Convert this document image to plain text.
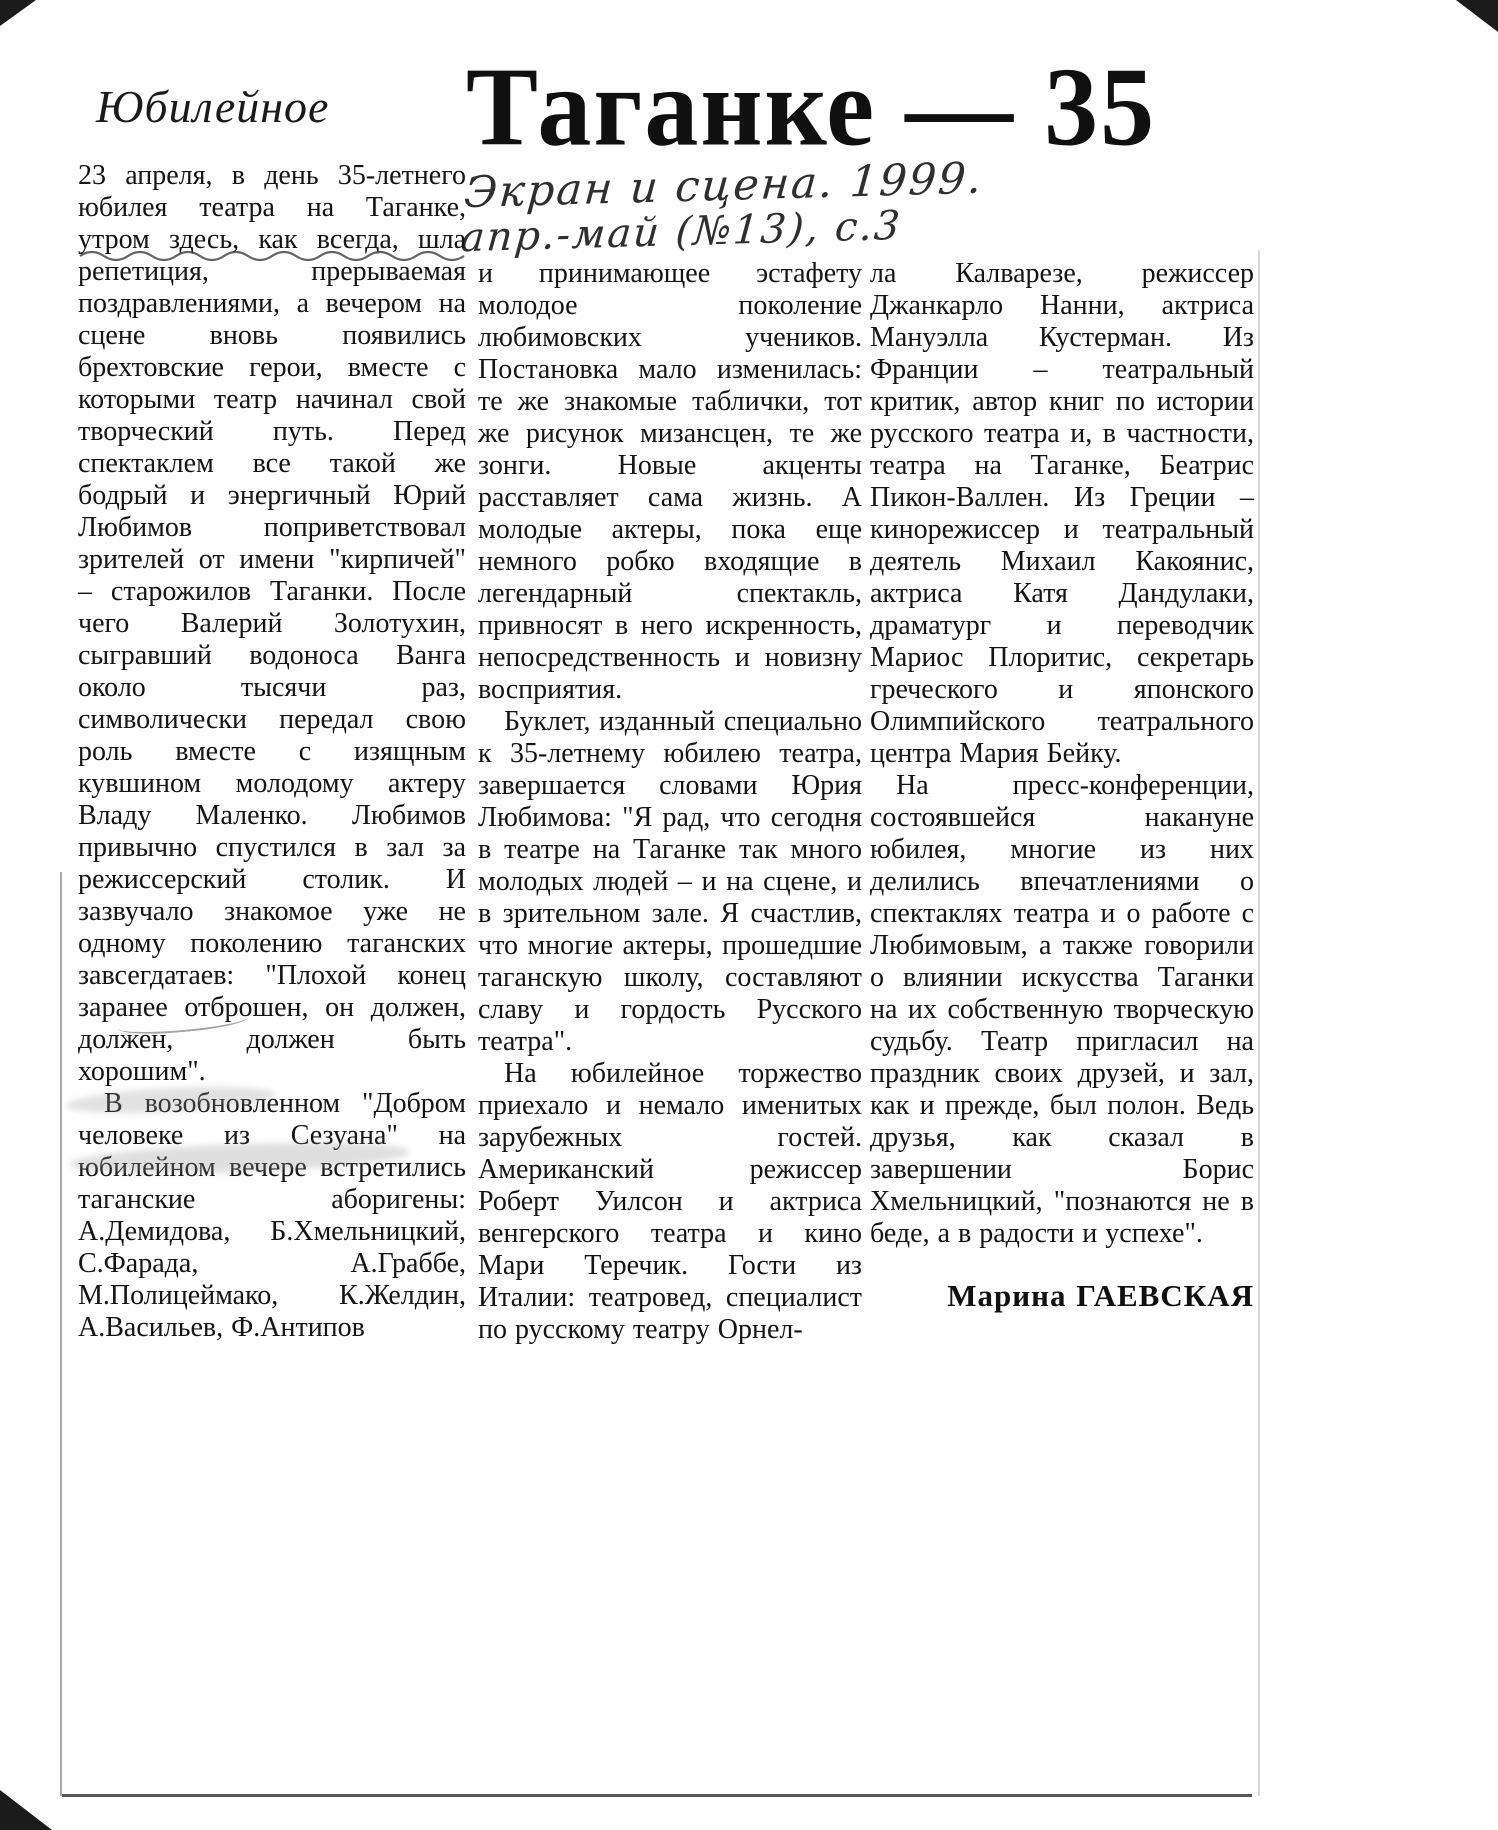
Юбилейное Таганке — 35
Экран и сцена. 1999.
апр.-май (№13), с.3

23 апреля, в день 35-летнего юбилея театра на Таганке, утром здесь, как всегда, шла репетиция, прерываемая поздравлениями, а вечером на сцене вновь появились брехтовские герои, вместе с которыми театр начинал свой творческий путь. Перед спектаклем все такой же бодрый и энергичный Юрий Любимов поприветствовал зрителей от имени "кирпичей" – старожилов Таганки. После чего Валерий Золотухин, сыгравший водоноса Ванга около тысячи раз, символически передал свою роль вместе с изящным кувшином молодому актеру Владу Маленко. Любимов привычно спустился в зал за режиссерский столик. И зазвучало знакомое уже не одному поколению таганских завсегдатаев: "Плохой конец заранее отброшен, он должен, должен, должен быть хорошим".

В возобновленном "Добром человеке из Сезуана" на юбилейном вечере встретились таганские аборигены: А.Демидова, Б.Хмельницкий, С.Фарада, А.Граббе, М.Полицеймако, К.Желдин, А.Васильев, Ф.Антипов

и принимающее эстафету молодое поколение любимовских учеников. Постановка мало изменилась: те же знакомые таблички, тот же рисунок мизансцен, те же зонги. Новые акценты расставляет сама жизнь. А молодые актеры, пока еще немного робко входящие в легендарный спектакль, привносят в него искренность, непосредственность и новизну восприятия.

Буклет, изданный специально к 35-летнему юбилею театра, завершается словами Юрия Любимова: "Я рад, что сегодня в театре на Таганке так много молодых людей – и на сцене, и в зрительном зале. Я счастлив, что многие актеры, прошедшие таганскую школу, составляют славу и гордость Русского театра".

На юбилейное торжество приехало и немало именитых зарубежных гостей. Американский режиссер Роберт Уилсон и актриса венгерского театра и кино Мари Теречик. Гости из Италии: театровед, специалист по русскому театру Орнел-

ла Калварезе, режиссер Джанкарло Нанни, актриса Мануэлла Кустерман. Из Франции – театральный критик, автор книг по истории русского театра и, в частности, театра на Таганке, Беатрис Пикон-Валлен. Из Греции – кинорежиссер и театральный деятель Михаил Какоянис, актриса Катя Дандулаки, драматург и переводчик Мариос Плоритис, секретарь греческого и японского Олимпийского театрального центра Мария Бейку.

На пресс-конференции, состоявшейся накануне юбилея, многие из них делились впечатлениями о спектаклях театра и о работе с Любимовым, а также говорили о влиянии искусства Таганки на их собственную творческую судьбу. Театр пригласил на праздник своих друзей, и зал, как и прежде, был полон. Ведь друзья, как сказал в завершении Борис Хмельницкий, "познаются не в беде, а в радости и успехе".

Марина ГАЕВСКАЯ
